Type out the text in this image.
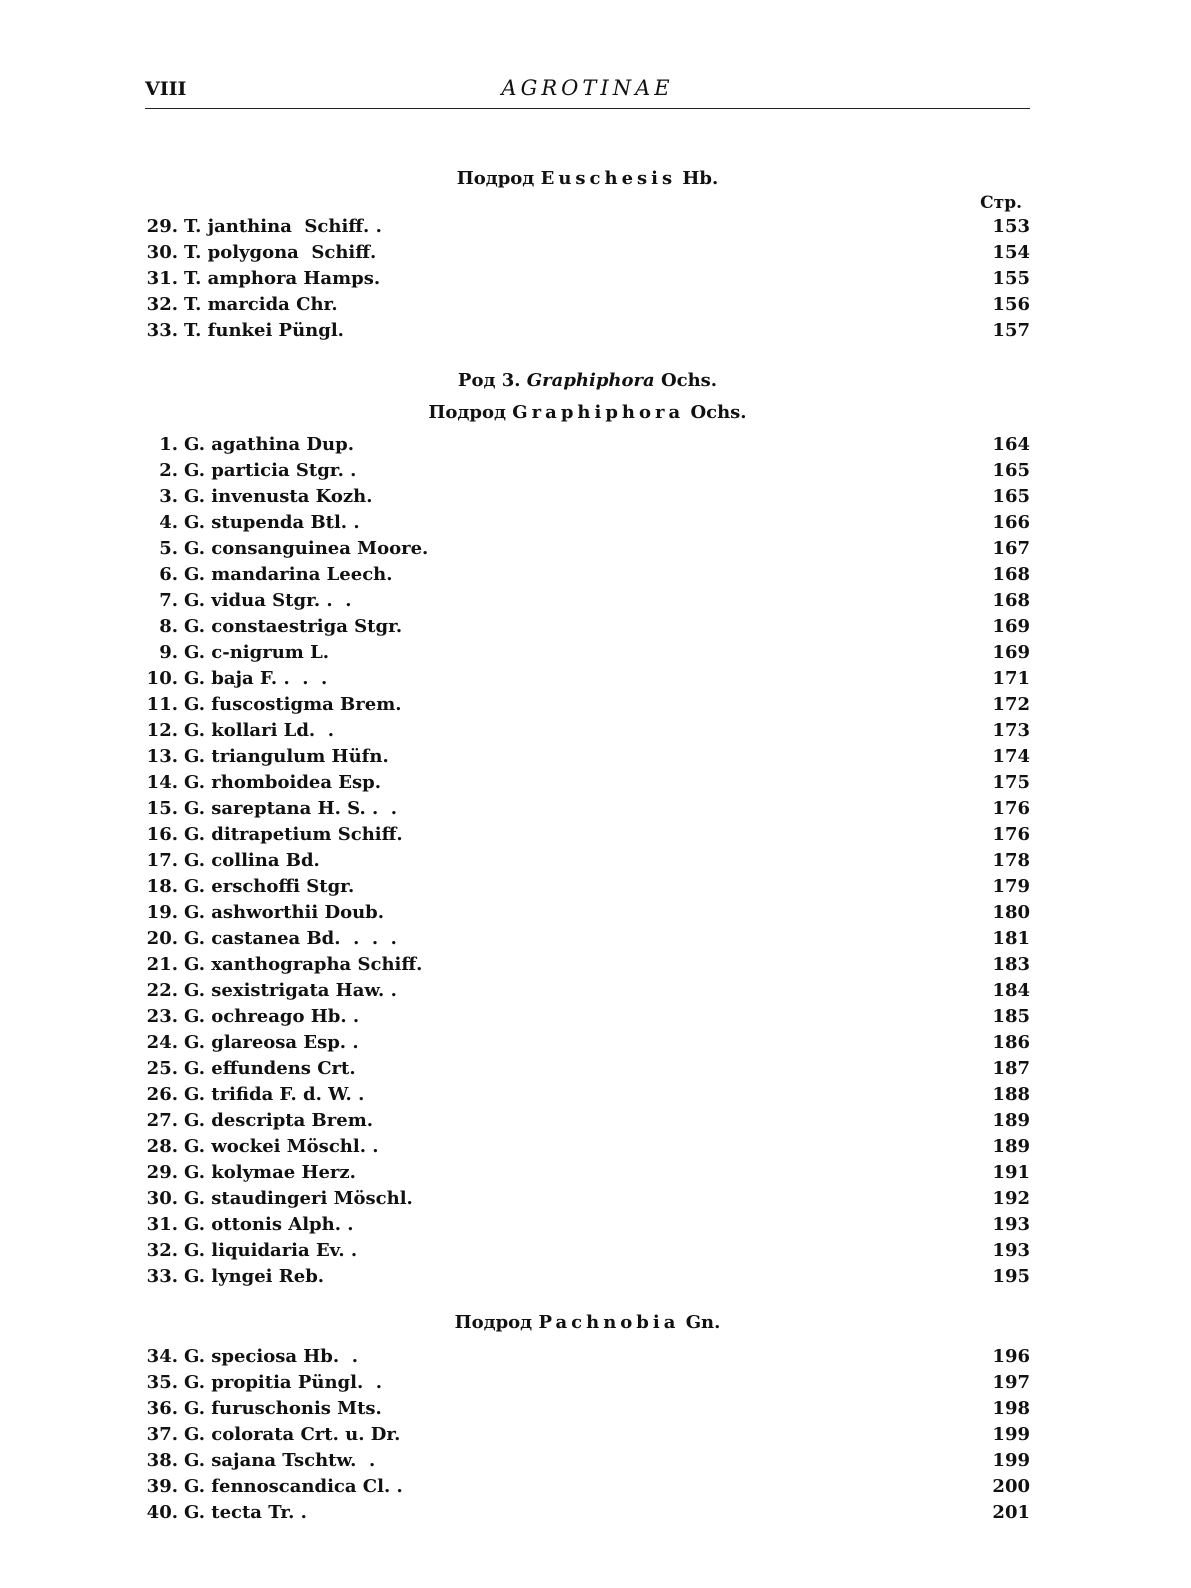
VIII	AGROTINAE
Подрод Euschesis Hb.
Стр.
29. T. janthina  Schiff. .	153
30. T. polygona  Schiff.	154
31. T. amphora Hamps.	155
32. T. marcida Chr.	156
33. T. funkei Püngl.	157
Род 3. Graphiphora Ochs.
Подрод Graphiphora Ochs.
1. G. agathina Dup.	164
2. G. particia Stgr. .	165
3. G. invenusta Kozh.	165
4. G. stupenda Btl. .	166
5. G. consanguinea Moore.	167
6. G. mandarina Leech.	168
7. G. vidua Stgr. .  .	168
8. G. constaestriga Stgr.	169
9. G. c-nigrum L.	169
10. G. baja F. .  .  .	171
11. G. fuscostigma Brem.	172
12. G. kollari Ld.  .	173
13. G. triangulum Hüfn.	174
14. G. rhomboidea Esp.	175
15. G. sareptana H. S. .  .	176
16. G. ditrapetium Schiff.	176
17. G. collina Bd.	178
18. G. erschoffi Stgr.	179
19. G. ashworthii Doub.	180
20. G. castanea Bd.  .  .  .	181
21. G. xanthographa Schiff.	183
22. G. sexistrigata Haw. .	184
23. G. ochreago Hb. .	185
24. G. glareosa Esp. .	186
25. G. effundens Crt.	187
26. G. trifida F. d. W. .	188
27. G. descripta Brem.	189
28. G. wockei Möschl. .	189
29. G. kolymae Herz.	191
30. G. staudingeri Möschl.	192
31. G. ottonis Alph. .	193
32. G. liquidaria Ev. .	193
33. G. lyngei Reb.	195
Подрод Pachnobia Gn.
34. G. speciosa Hb.  .	196
35. G. propitia Püngl.  .	197
36. G. furuschonis Mts.	198
37. G. colorata Crt. u. Dr.	199
38. G. sajana Tschtw.  .	199
39. G. fennoscandica Cl. .	200
40. G. tecta Tr. .	201
